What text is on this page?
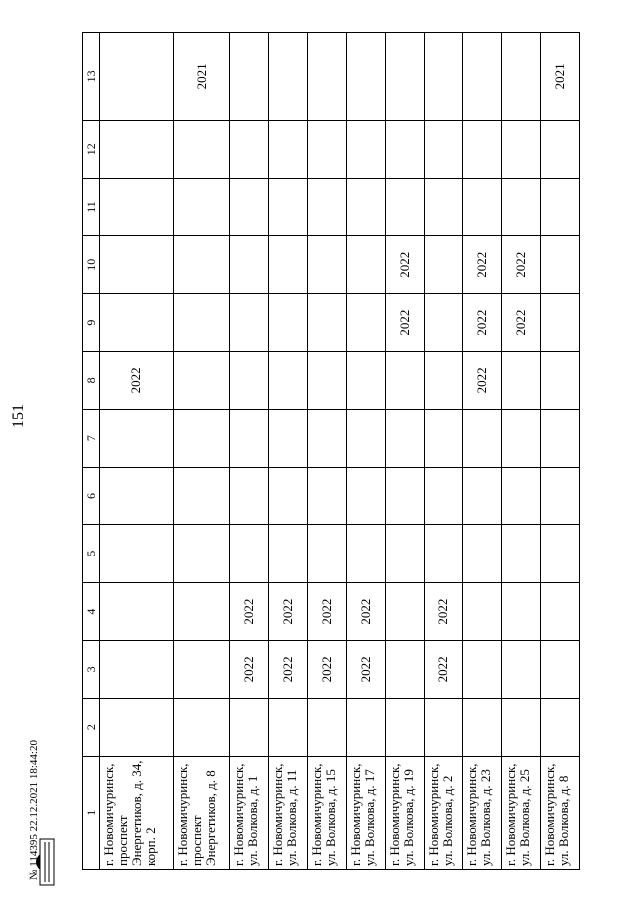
151
1	2	3	4	5	6	7	8	9	10	11	12	13
г. Новомичуринск, проспект Энергетиков, д. 34, корп. 2							2022					
г. Новомичуринск, проспект Энергетиков, д. 8												2021
г. Новомичуринск, ул. Волкова, д. 1		2022	2022									
г. Новомичуринск, ул. Волкова, д. 11		2022	2022									
г. Новомичуринск, ул. Волкова, д. 15		2022	2022									
г. Новомичуринск, ул. Волкова, д. 17		2022	2022									
г. Новомичуринск, ул. Волкова, д. 19								2022	2022			
г. Новомичуринск, ул. Волкова, д. 2		2022	2022									
г. Новомичуринск, ул. Волкова, д. 23							2022	2022	2022			
г. Новомичуринск, ул. Волкова, д. 25								2022	2022			
г. Новомичуринск, ул. Волкова, д. 8												2021
№ 114395 22.12.2021 18:44:20
